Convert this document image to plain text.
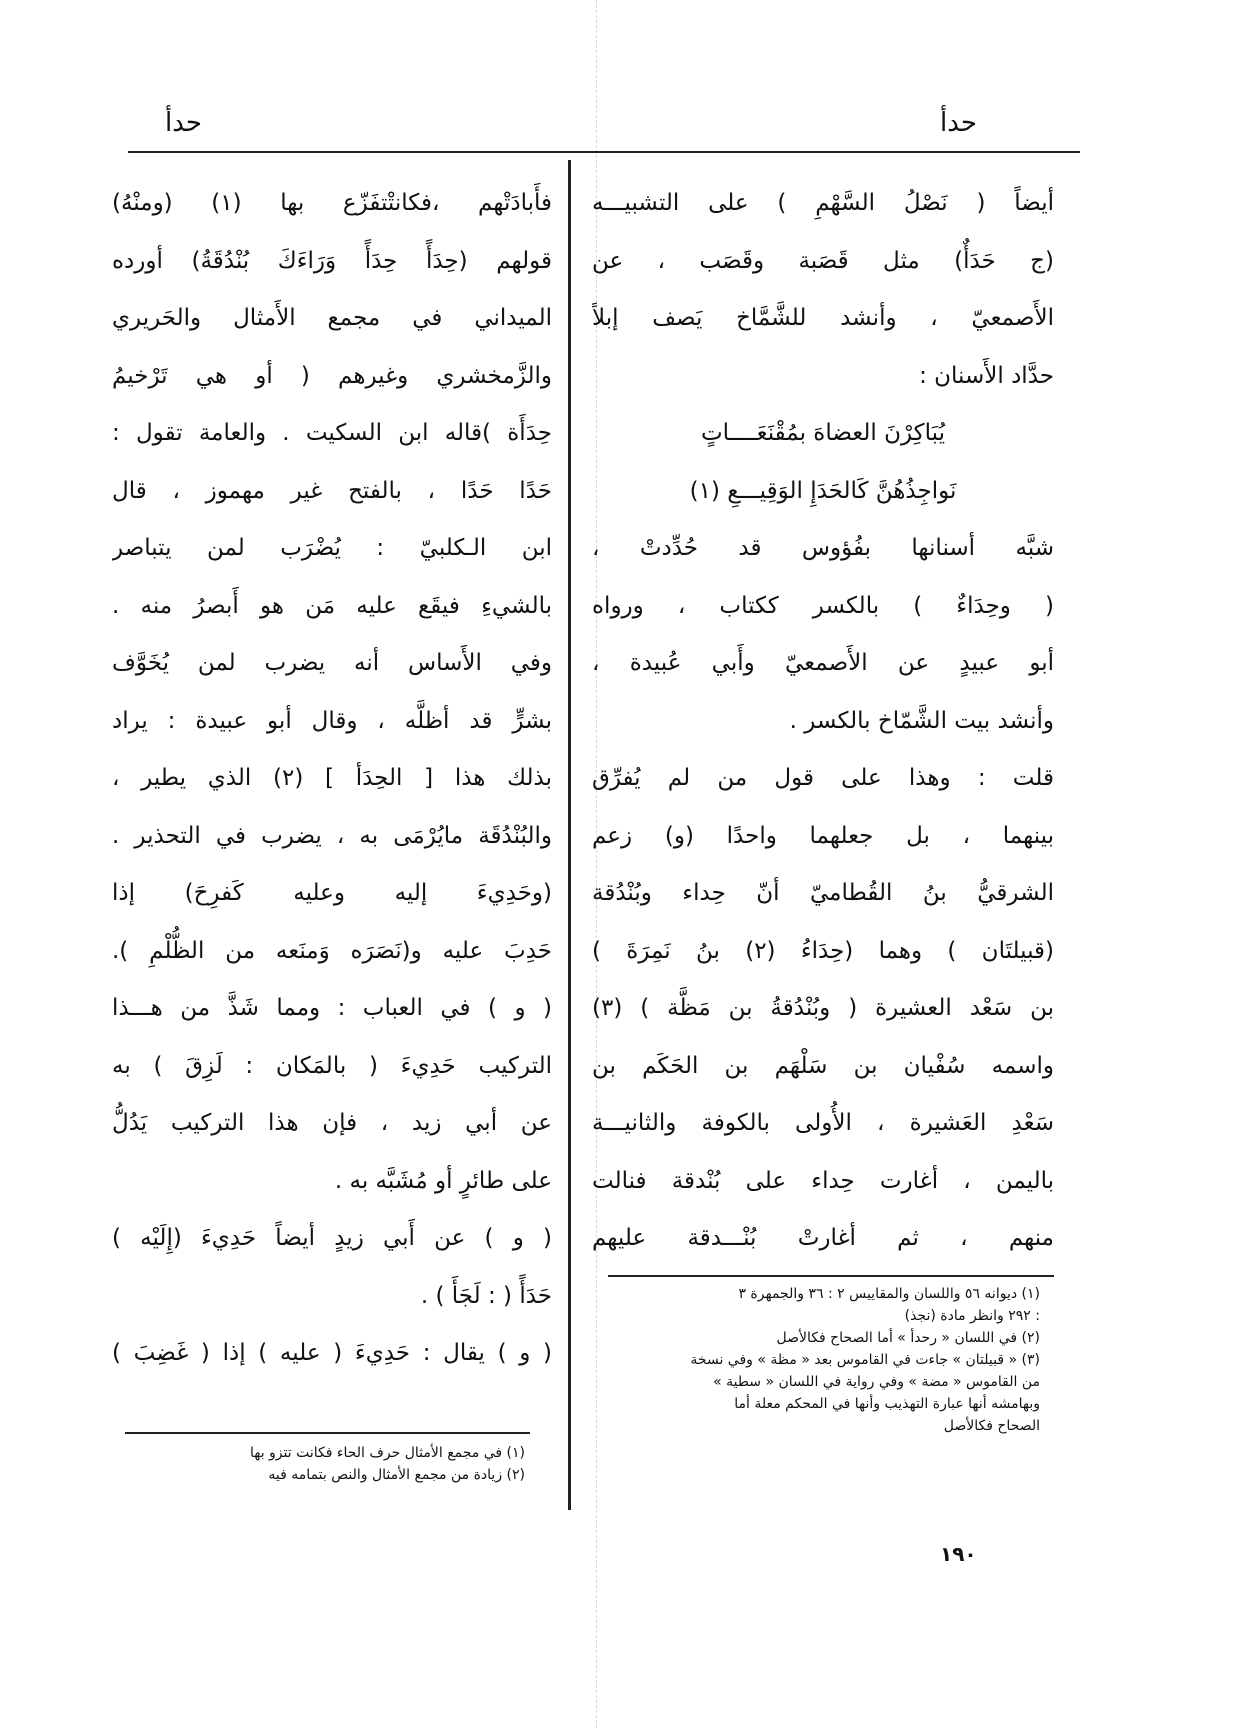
حدأ
حدأ
أيضاً ( نَصْلُ السَّهْمِ ) على التشبيـــه
(ج حَدَأٌ) مثل قَصَبة وقَصَب ، عن
الأَصمعيّ ، وأنشد للشَّمَّاخ يَصف إبلاً
حدَّاد الأَسنان :
يُبَاكِرْنَ العضاهَ بمُقْنَعَــــاتٍ
نَواجِذُهُنَّ كَالحَدَإِ الوَقِيـــعِ (١)
شبَّه أسنانها بفُؤوس قد حُدِّدتْ ،
( وحِدَاءٌ ) بالكسر ككتاب ، ورواه
أبو عبيدٍ عن الأَصمعيّ وأَبي عُبيدة ،
وأنشد بيت الشَّمّاخ بالكسر .
قلت : وهذا على قول من لم يُفرِّق
بينهما ، بل جعلهما واحدًا (و) زعم
الشرقيُّ بنُ القُطاميّ أنّ حِداء وبُنْدُقة
(قبيلتَان ) وهما (حِدَاءُ (٢) بنُ نَمِرَةَ )
بن سَعْد العشيرة ( وبُنْدُقةُ بن مَظَّة ) (٣)
واسمه سُفْيان بن سَلْهَم بن الحَكَم بن
سَعْدِ العَشيرة ، الأُولى بالكوفة والثانيـــة
باليمن ، أغارت حِداء على بُنْدقة فنالت
منهم ، ثم أغارتْ بُنْـــدقة عليهم
(١) ديوانه ٥٦ واللسان والمقاييس ٢ : ٣٦ والجمهرة ٣
: ٢٩٢ وانظر مادة (نجذ)
(٢) في اللسان « رحدأ » أما الصحاح فكالأصل
(٣) « قبيلتان » جاءت في القاموس بعد « مظة » وفي نسخة
من القاموس « مضة » وفي رواية في اللسان « سطية »
وبهامشه أنها عبارة التهذيب وأنها في المحكم معلة أما
الصحاح فكالأصل
فأَبادَتْهم ،فكانتْتفَزّع بها (١) (ومنْهُ)
قولهم (حِدَأً حِدَأً وَرَاءَكَ بُنْدُقَةُ) أورده
الميداني في مجمع الأَمثال والحَريري
والزَّمخشري وغيرهم ( أو هي تَرْخيمُ
حِدَأَة )قاله ابن السكيت . والعامة تقول :
حَدًا حَدًا ، بالفتح غير مهموز ، قال
ابن الـكلبيّ : يُضْرَب لمن يتباصر
بالشيءِ فيقَع عليه مَن هو أَبصرُ منه .
وفي الأَساس أنه يضرب لمن يُخَوَّف
بشرٍّ قد أظلَّه ، وقال أبو عبيدة : يراد
بذلك هذا [ الحِدَأ ] (٢) الذي يطير ،
والبُنْدُقَة مايُرْمَى به ، يضرب في التحذير .
(وحَدِيءَ إليه وعليه كَفرِحَ) إذا
حَدِبَ عليه و(نَصَرَه وَمنَعه من الظُّلْمِ ).
( و ) في العباب : ومما شَذَّ من هـــذا
التركيب حَدِيءَ ( بالمَكان : لَزِقَ ) به
عن أبي زيد ، فإن هذا التركيب يَدُلُّ
على طائرٍ أو مُشَبَّه به .
( و ) عن أَبي زيدٍ أيضاً حَدِيءَ (إِلَيْه )
حَدَأً ( : لَجَأَ ) .
( و ) يقال : حَدِيءَ ( عليه ) إذا ( غَضِبَ )
(١) في مجمع الأمثال حرف الحاء فكانت تتزو بها
(٢) زيادة من مجمع الأمثال والنص بتمامه فيه
١٩٠
